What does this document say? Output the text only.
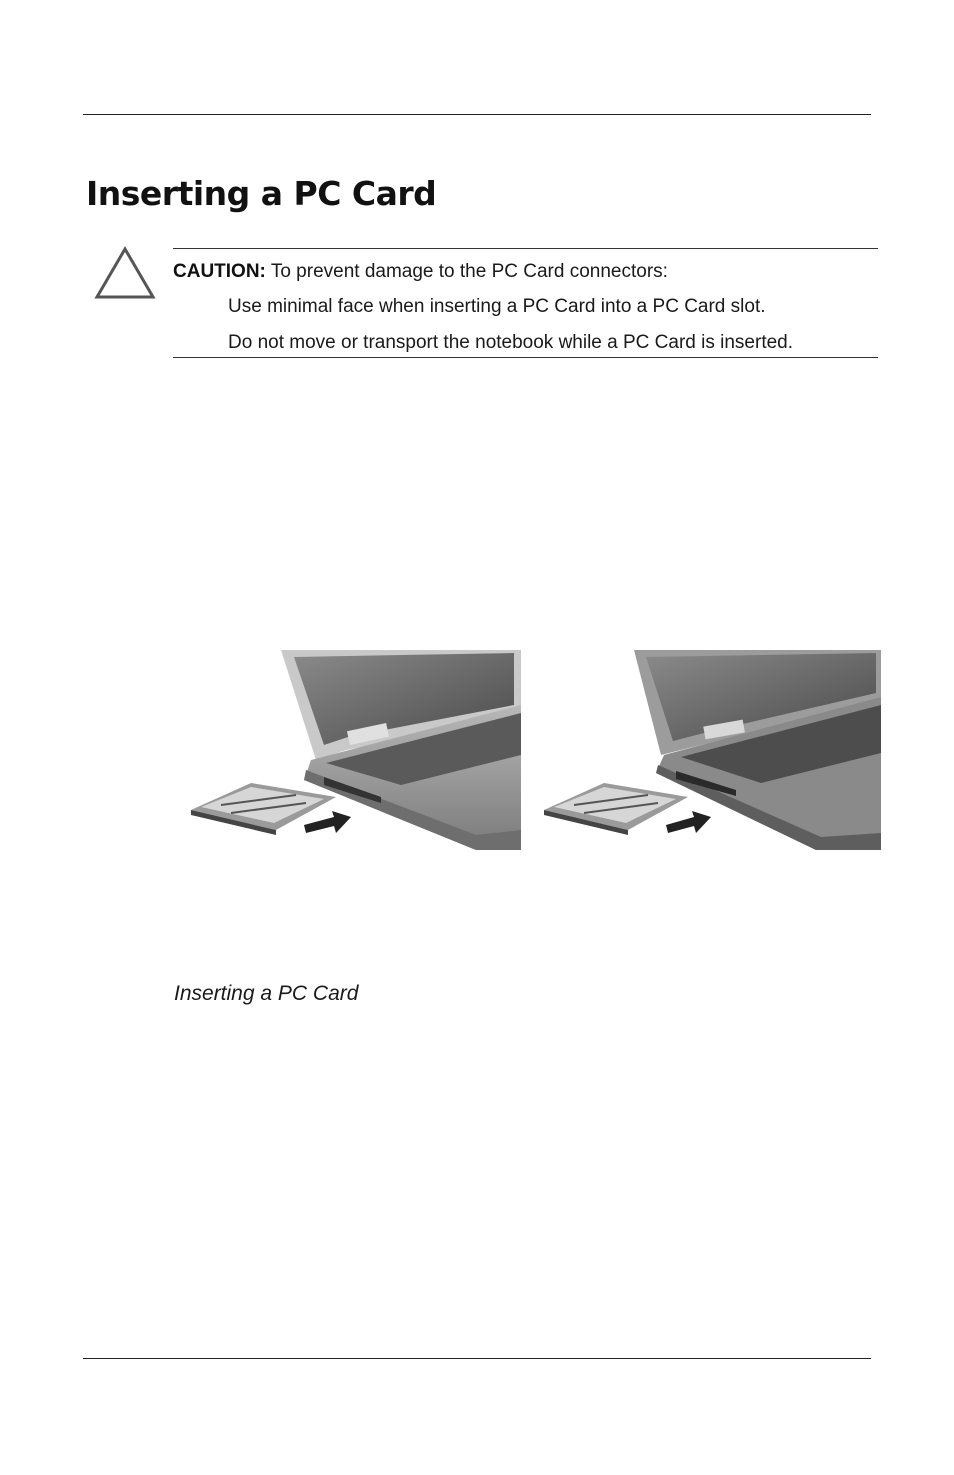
Inserting a PC Card
CAUTION: To prevent damage to the PC Card connectors:
Use minimal face when inserting a PC Card into a PC Card slot.
Do not move or transport the notebook while a PC Card is inserted.
Inserting a PC Card
